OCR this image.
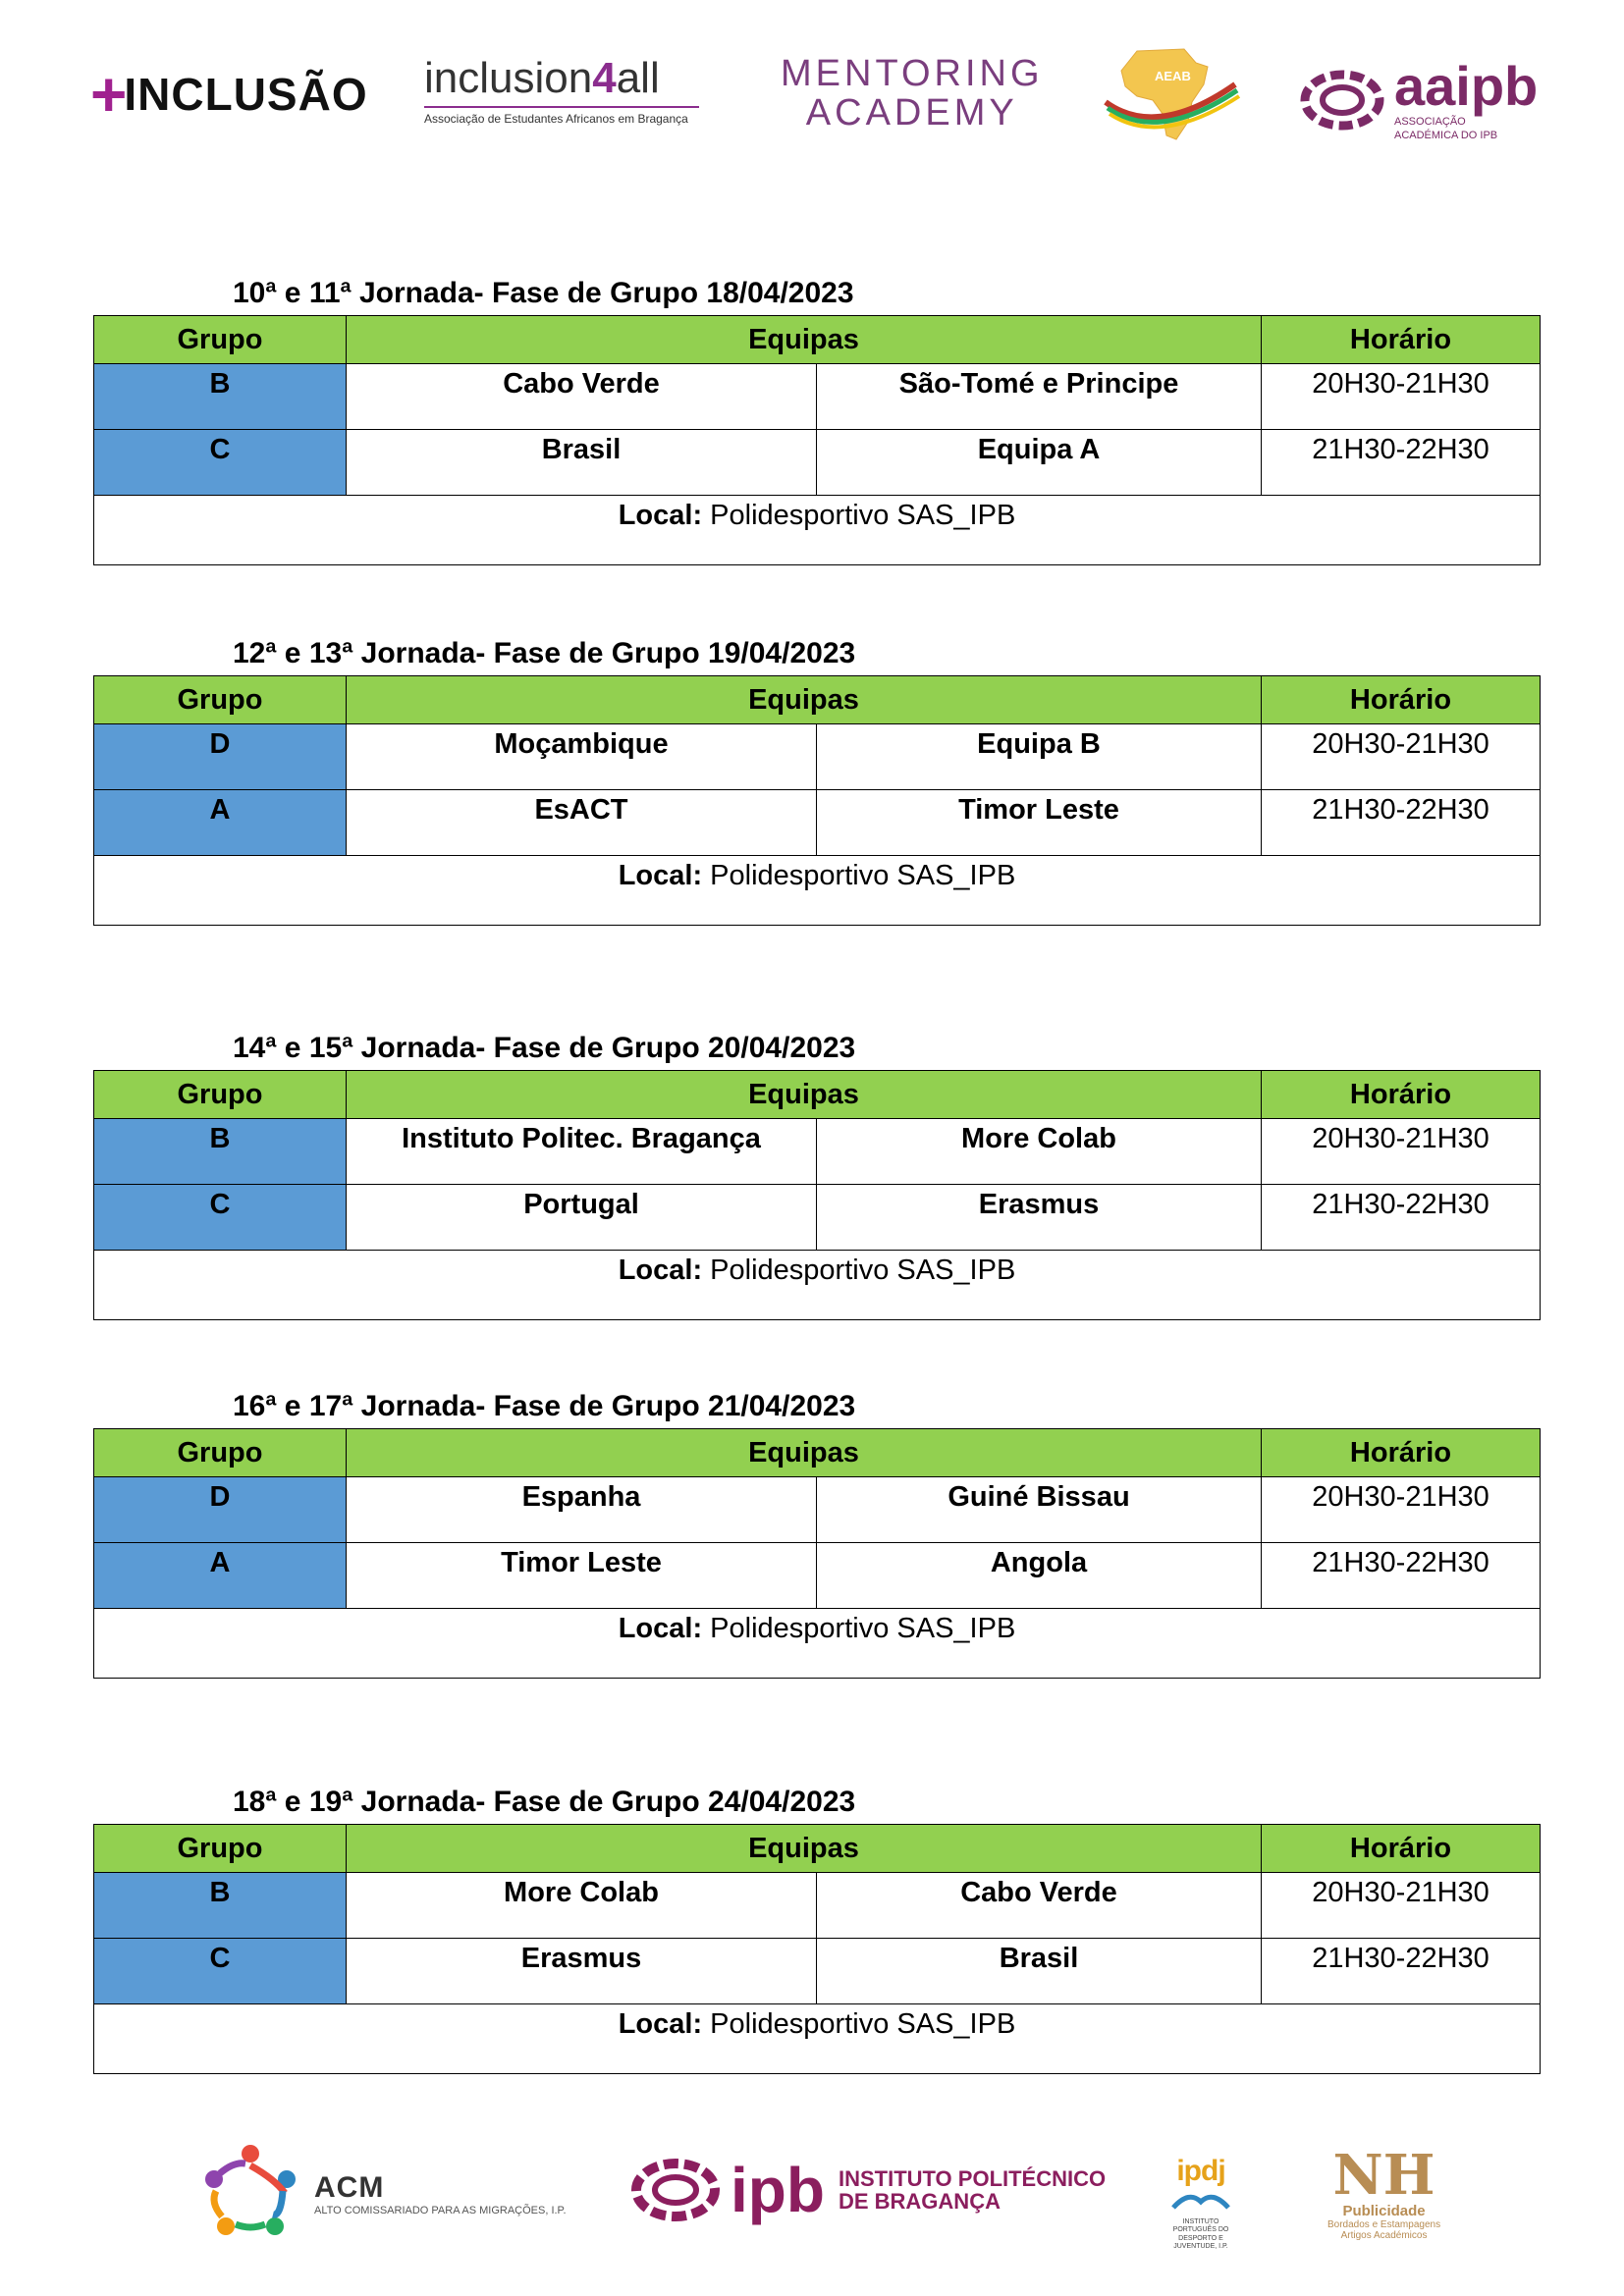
+
INCLUSÃO inclusion4all
Associação de Estudantes Africanos em Bragança
MENTORING
ACADEMY
AEAB	aaipb
ASSOCIAÇÃO
ACADÉMICA DO IPB
10ª e 11ª Jornada- Fase de Grupo 18/04/2023
Grupo	Equipas		Horário
B	Cabo Verde	São-Tomé e Principe	20H30-21H30
C	Brasil	Equipa A	21H30-22H30
Local: Polidesportivo SAS_IPB			
12ª e 13ª Jornada- Fase de Grupo 19/04/2023
Grupo	Equipas		Horário
D	Moçambique	Equipa B	20H30-21H30
A	EsACT	Timor Leste	21H30-22H30
Local: Polidesportivo SAS_IPB			
14ª e 15ª Jornada- Fase de Grupo 20/04/2023
Grupo	Equipas		Horário
B	Instituto Politec. Bragança	More Colab	20H30-21H30
C	Portugal	Erasmus	21H30-22H30
Local: Polidesportivo SAS_IPB			
16ª e 17ª Jornada- Fase de Grupo 21/04/2023
Grupo	Equipas		Horário
D	Espanha	Guiné Bissau	20H30-21H30
A	Timor Leste	Angola	21H30-22H30
Local: Polidesportivo SAS_IPB			
18ª e 19ª Jornada- Fase de Grupo 24/04/2023
Grupo	Equipas		Horário
B	More Colab	Cabo Verde	20H30-21H30
C	Erasmus	Brasil	21H30-22H30
Local: Polidesportivo SAS_IPB			
ACM
ALTO COMISSARIADO PARA AS MIGRAÇÕES, I.P.	ipb INSTITUTO POLITÉCNICO
DE BRAGANÇA
ipdj
INSTITUTO PORTUGUÊS DO DESPORTO E JUVENTUDE, I.P.
NH
Publicidade
Bordados e Estampagens
Artigos Académicos
